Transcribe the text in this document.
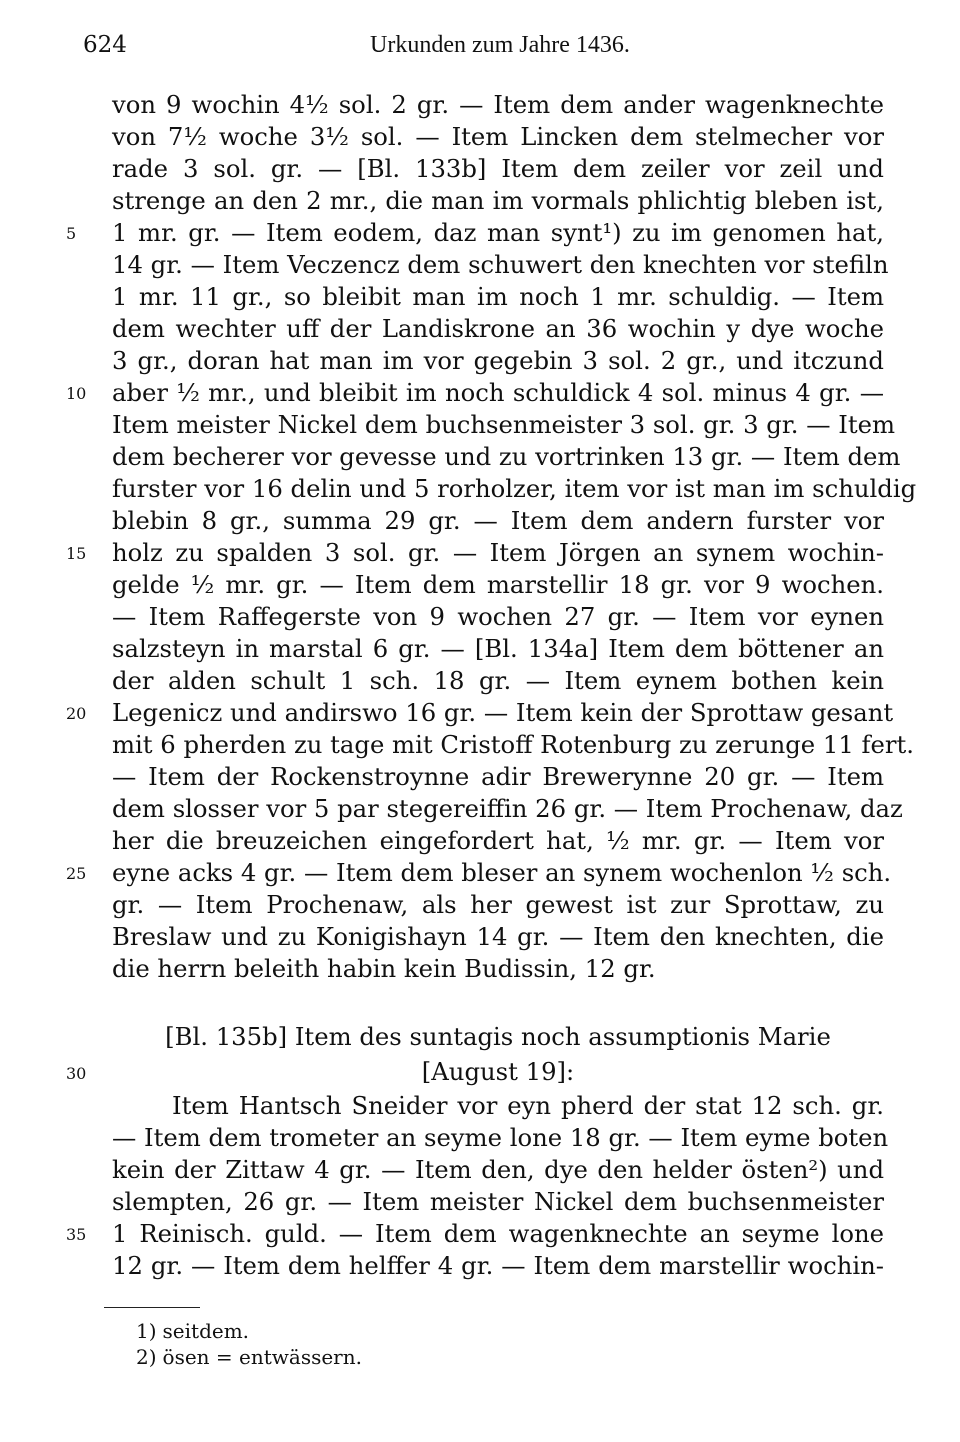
624	Urkunden zum Jahre 1436.
von 9 wochin 4½ sol. 2 gr. — Item dem ander wagenknechte
von 7½ woche 3½ sol. — Item Lincken dem stelmecher vor
rade 3 sol. gr. — [Bl. 133b] Item dem zeiler vor zeil und
strenge an den 2 mr., die man im vormals phlichtig bleben ist,
1 mr. gr. — Item eodem, daz man synt¹) zu im genomen hat,
14 gr. — Item Veczencz dem schuwert den knechten vor stefiln
1 mr. 11 gr., so bleibit man im noch 1 mr. schuldig. — Item
dem wechter uff der Landiskrone an 36 wochin y dye woche
3 gr., doran hat man im vor gegebin 3 sol. 2 gr., und itczund
aber ½ mr., und bleibit im noch schuldick 4 sol. minus 4 gr. —
Item meister Nickel dem buchsenmeister 3 sol. gr. 3 gr. — Item
dem becherer vor gevesse und zu vortrinken 13 gr. — Item dem
furster vor 16 delin und 5 rorholzer, item vor ist man im schuldig
blebin 8 gr., summa 29 gr. — Item dem andern furster vor
holz zu spalden 3 sol. gr. — Item Jörgen an synem wochin-
gelde ½ mr. gr. — Item dem marstellir 18 gr. vor 9 wochen.
— Item Raffegerste von 9 wochen 27 gr. — Item vor eynen
salzsteyn in marstal 6 gr. — [Bl. 134a] Item dem böttener an
der alden schult 1 sch. 18 gr. — Item eynem bothen kein
Legenicz und andirswo 16 gr. — Item kein der Sprottaw gesant
mit 6 pherden zu tage mit Cristoff Rotenburg zu zerunge 11 fert.
— Item der Rockenstroynne adir Brewerynne 20 gr. — Item
dem slosser vor 5 par stegereiffin 26 gr. — Item Prochenaw, daz
her die breuzeichen eingefordert hat, ½ mr. gr. — Item vor
eyne acks 4 gr. — Item dem bleser an synem wochenlon ½ sch.
gr. — Item Prochenaw, als her gewest ist zur Sprottaw, zu
Breslaw und zu Konigishayn 14 gr. — Item den knechten, die
die herrn beleith habin kein Budissin, 12 gr.
[Bl. 135b] Item des suntagis noch assumptionis Marie
[August 19]:
Item Hantsch Sneider vor eyn pherd der stat 12 sch. gr.
— Item dem trometer an seyme lone 18 gr. — Item eyme boten
kein der Zittaw 4 gr. — Item den, dye den helder östen²) und
slempten, 26 gr. — Item meister Nickel dem buchsenmeister
1 Reinisch. guld. — Item dem wagenknechte an seyme lone
12 gr. — Item dem helffer 4 gr. — Item dem marstellir wochin-
5
10
15
20
25
30
35
1) seitdem.
2) ösen = entwässern.
